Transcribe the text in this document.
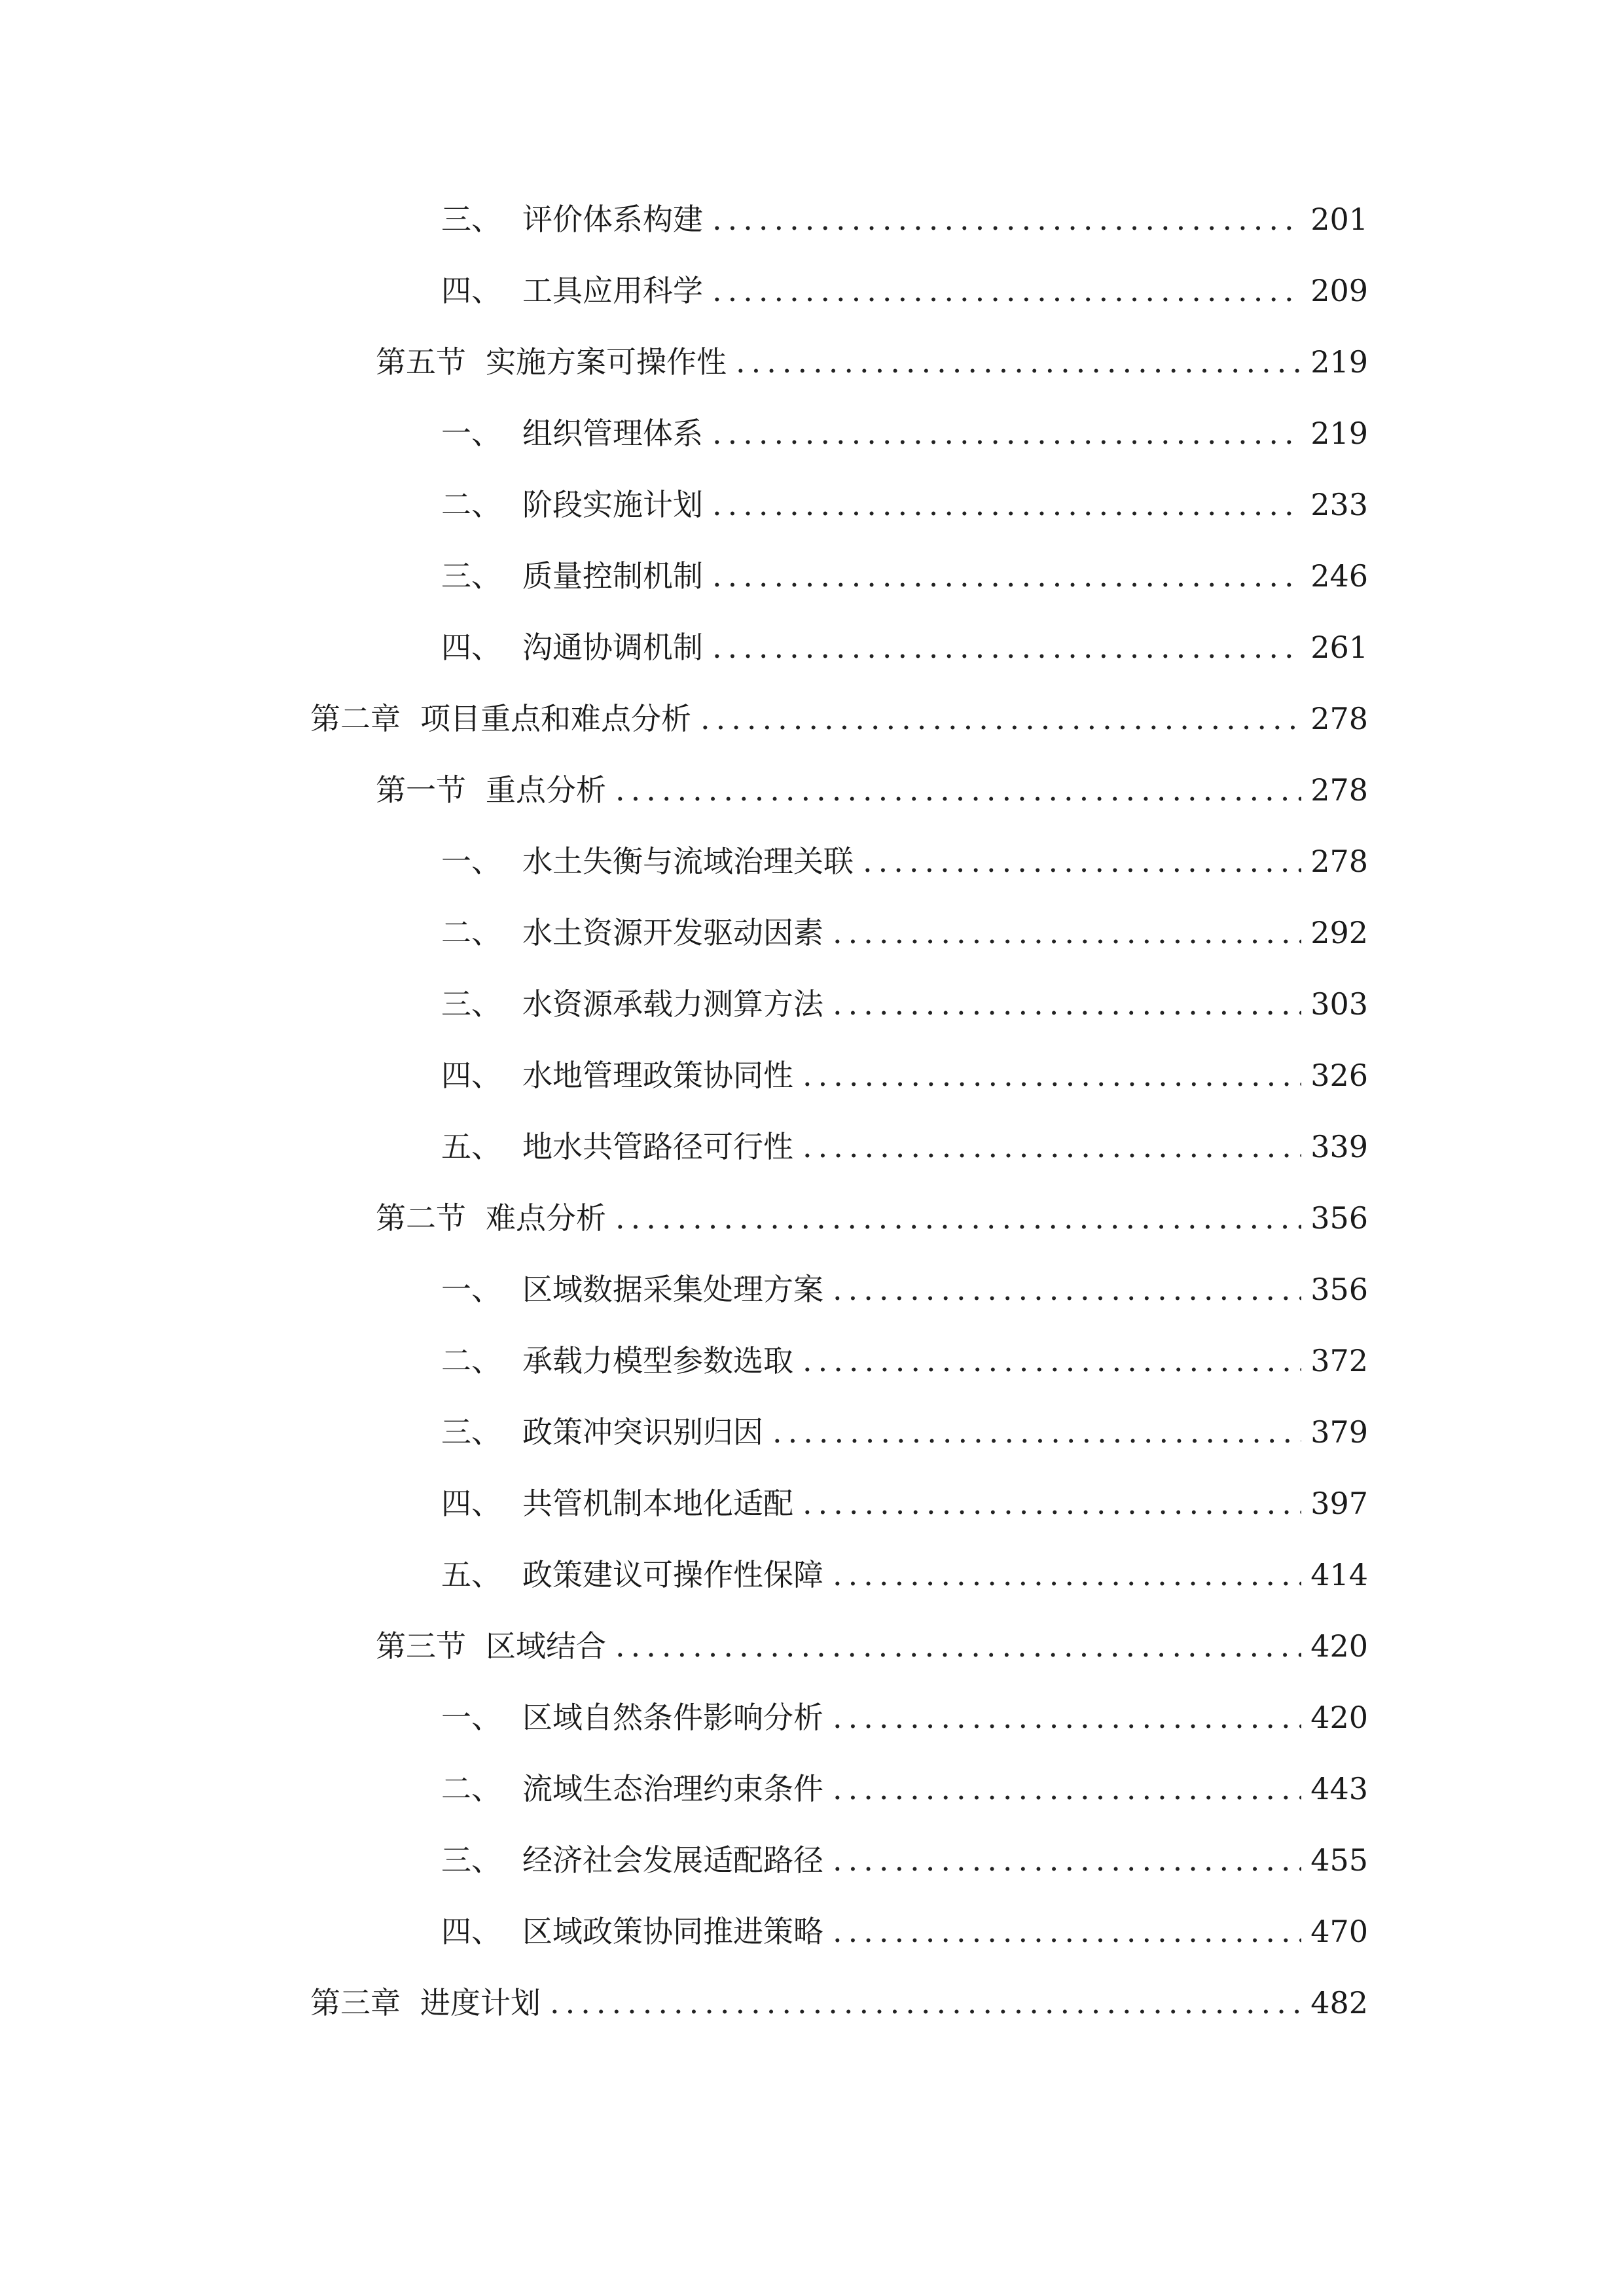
三、 评价体系构建 .....	201
四、 工具应用科学 .....	209
第五节 实施方案可操作性 .....	219
一、 组织管理体系 .....	219
二、 阶段实施计划 .....	233
三、 质量控制机制 .....	246
四、 沟通协调机制 .....	261
第二章 项目重点和难点分析 .....	278
第一节 重点分析 .....	278
一、 水土失衡与流域治理关联 .....	278
二、 水土资源开发驱动因素 .....	292
三、 水资源承载力测算方法 .....	303
四、 水地管理政策协同性 .....	326
五、 地水共管路径可行性 .....	339
第二节 难点分析 .....	356
一、 区域数据采集处理方案 .....	356
二、 承载力模型参数选取 .....	372
三、 政策冲突识别归因 .....	379
四、 共管机制本地化适配 .....	397
五、 政策建议可操作性保障 .....	414
第三节 区域结合 .....	420
一、 区域自然条件影响分析 .....	420
二、 流域生态治理约束条件 .....	443
三、 经济社会发展适配路径 .....	455
四、 区域政策协同推进策略 .....	470
第三章 进度计划 .....	482
